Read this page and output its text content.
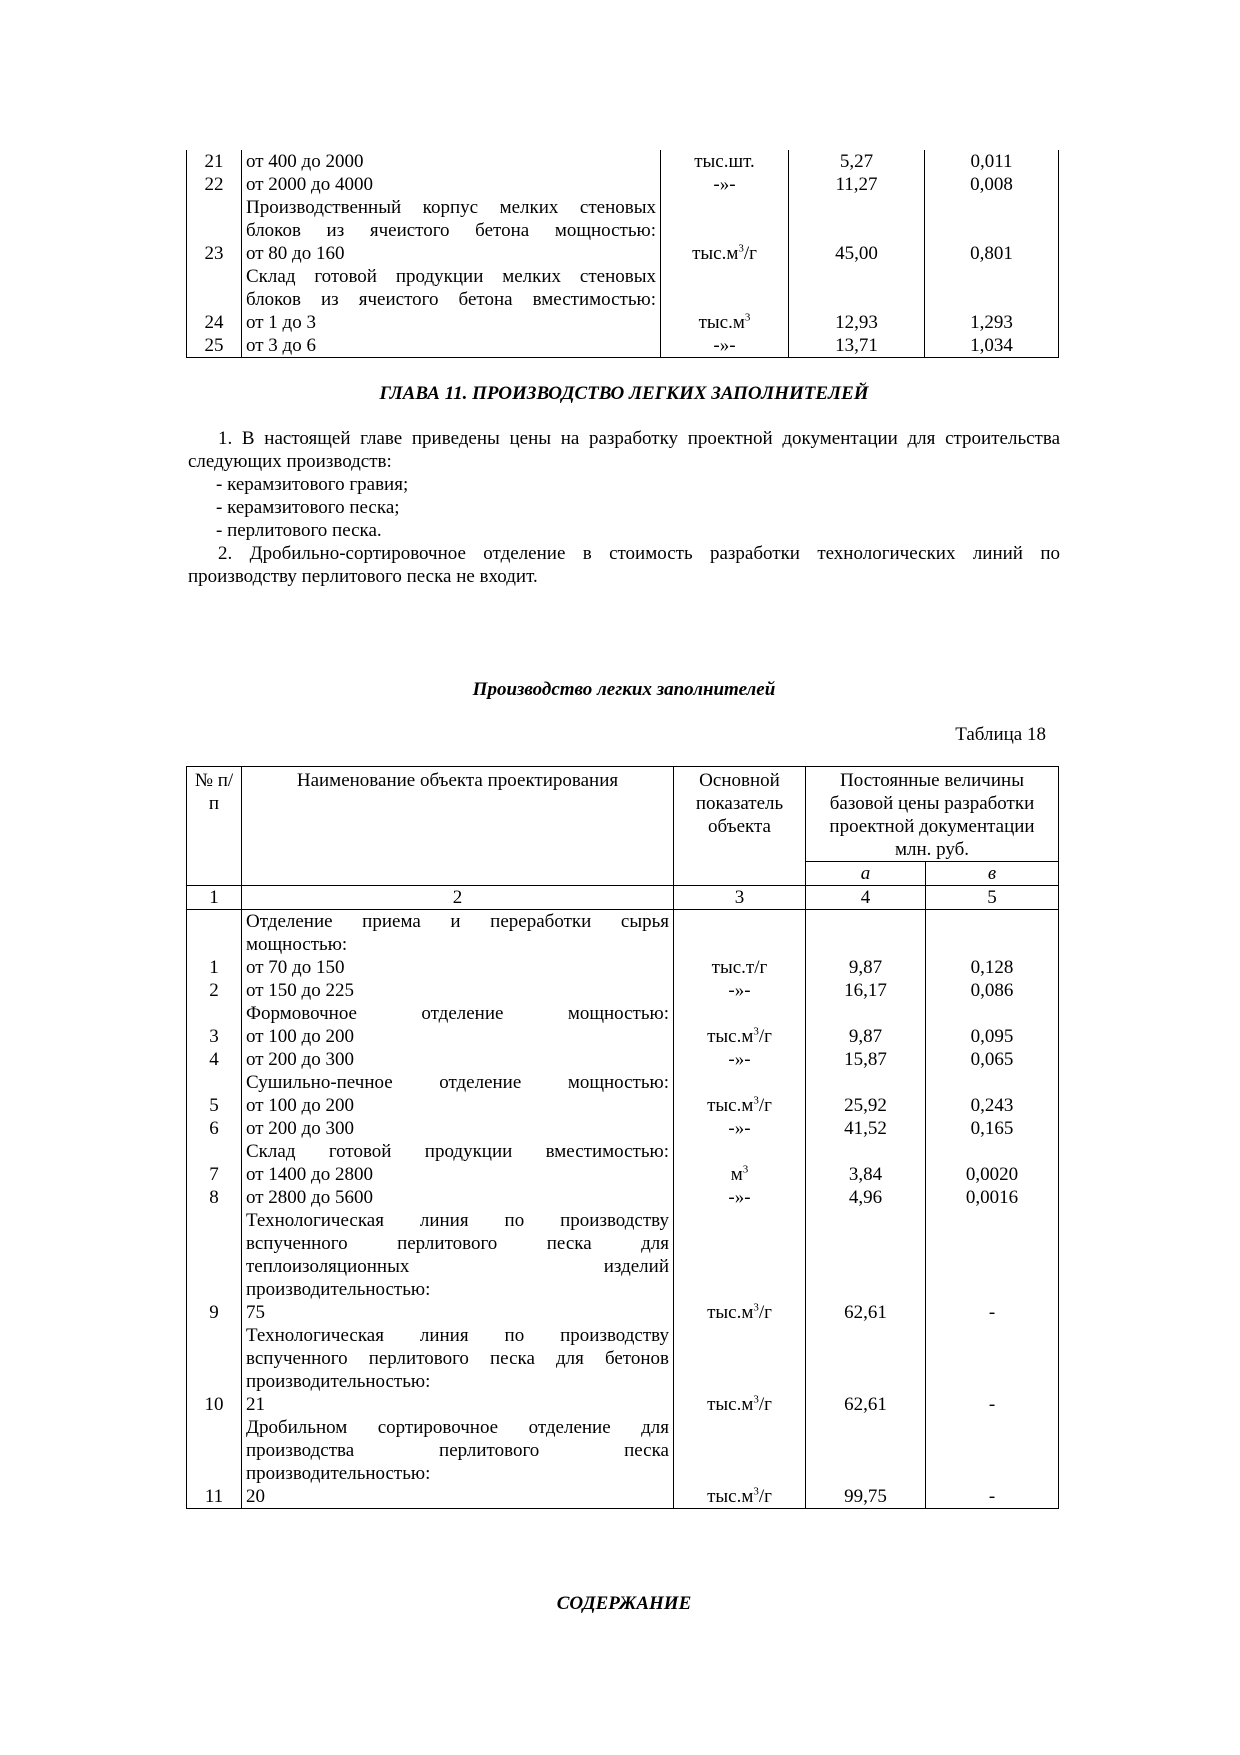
21	от 400 до 2000	тыс.шт.	5,27	0,011
22	от 2000 до 4000	-»-	11,27	0,008
23	Производственный корпус мелких стеновых
блоков из ячеистого бетона мощностью:
от 80 до 160	$тыс.м^3/г$	45,00	0,801
24	Склад готовой продукции мелких стеновых
блоков из ячеистого бетона вместимостью:
от 1 до 3	$тыс.м^3$	12,93	1,293
25	от 3 до 6	-»-	13,71	1,034
ГЛАВА 11. ПРОИЗВОДСТВО ЛЕГКИХ ЗАПОЛНИТЕЛЕЙ

1. В настоящей главе приведены цены на разработку проектной документации для строительства следующих производств:

- керамзитового гравия;

- керамзитового песка;

- перлитового песка.

2. Дробильно-сортировочное отделение в стоимость разработки технологических линий по производству перлитового песка не входит.

Производство легких заполнителей
Таблица 18
№ п/п	Наименование объекта проектирования	Основной показатель объекта	Постоянные величины базовой цены разработки проектной документации млн. руб.	
			а	в
1	2	3	4	5
1	Отделение приема и переработки сырья
мощностью:
от 70 до 150	тыс.т/г	9,87	0,128
2	от 150 до 225	-»-	16,17	0,086
3	Формовочное отделение мощностью:
от 100 до 200	$тыс.м^3/г$	9,87	0,095
4	от 200 до 300	-»-	15,87	0,065
5	Сушильно-печное отделение мощностью:
от 100 до 200	$тыс.м^3/г$	25,92	0,243
6	от 200 до 300	-»-	41,52	0,165
7	Склад готовой продукции вместимостью:
от 1400 до 2800	$м^3$	3,84	0,0020
8	от 2800 до 5600	-»-	4,96	0,0016
9	Технологическая линия по производству
вспученного перлитового песка для
теплоизоляционных изделий
производительностью:
75	$тыс.м^3/г$	62,61	-
10	Технологическая линия по производству
вспученного перлитового песка для бетонов
производительностью:
21	$тыс.м^3/г$	62,61	-
11	Дробильном сортировочное отделение для
производства перлитового песка
производительностью:
20	$тыс.м^3/г$	99,75	-
СОДЕРЖАНИЕ
